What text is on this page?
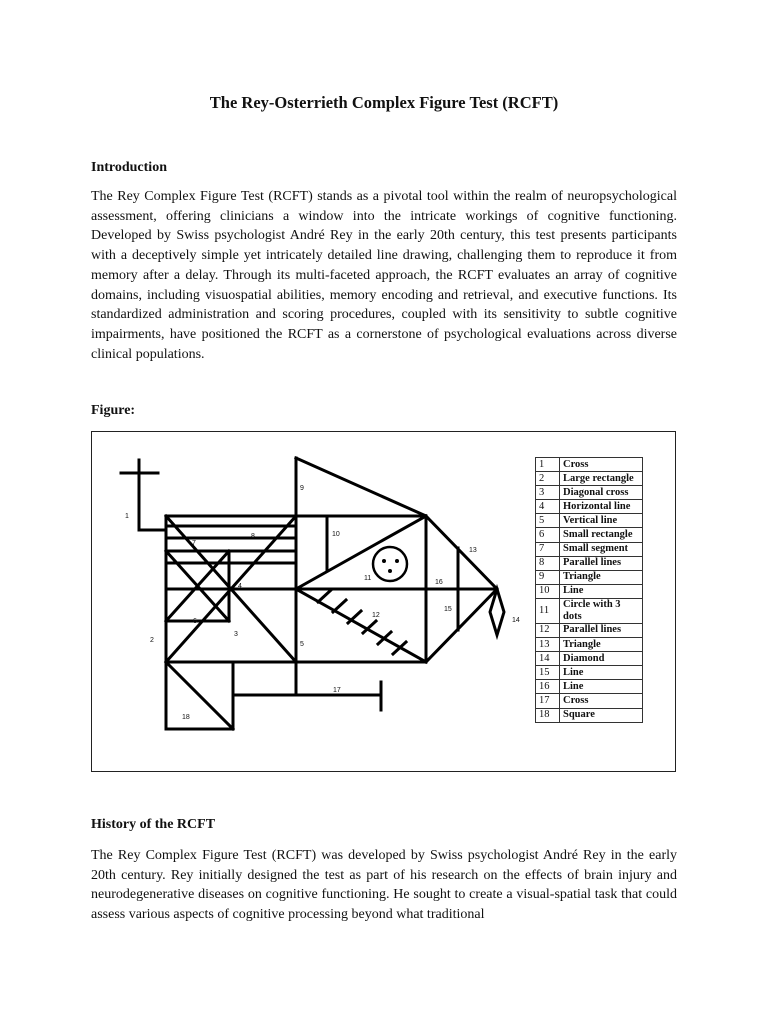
The Rey-Osterrieth Complex Figure Test (RCFT)
Introduction
The Rey Complex Figure Test (RCFT) stands as a pivotal tool within the realm of neuropsychological assessment, offering clinicians a window into the intricate workings of cognitive functioning. Developed by Swiss psychologist André Rey in the early 20th century, this test presents participants with a deceptively simple yet intricately detailed line drawing, challenging them to reproduce it from memory after a delay. Through its multi-faceted approach, the RCFT evaluates an array of cognitive domains, including visuospatial abilities, memory encoding and retrieval, and executive functions. Its standardized administration and scoring procedures, coupled with its sensitivity to subtle cognitive impairments, have positioned the RCFT as a cornerstone of psychological evaluations across diverse clinical populations.
Figure:
1
2
3
4
5
6
7
8
9
10
11
12
13
14
15
16
17
18
1	Cross
2	Large rectangle
3	Diagonal cross
4	Horizontal line
5	Vertical line
6	Small rectangle
7	Small segment
8	Parallel lines
9	Triangle
10	Line
11	Circle with 3 dots
12	Parallel lines
13	Triangle
14	Diamond
15	Line
16	Line
17	Cross
18	Square
History of the RCFT
The Rey Complex Figure Test (RCFT) was developed by Swiss psychologist André Rey in the early 20th century. Rey initially designed the test as part of his research on the effects of brain injury and neurodegenerative diseases on cognitive functioning. He sought to create a visual-spatial task that could assess various aspects of cognitive processing beyond what traditional
